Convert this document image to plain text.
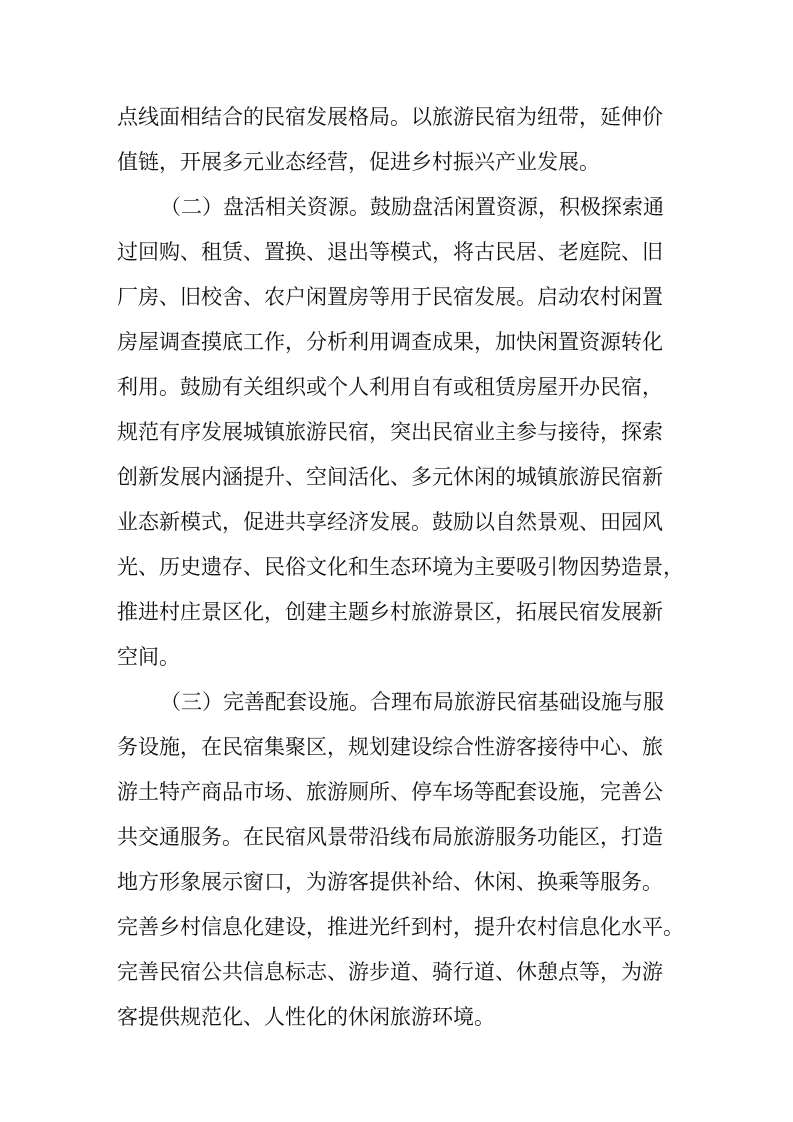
点线面相结合的民宿发展格局。以旅游民宿为纽带，延伸价
值链，开展多元业态经营，促进乡村振兴产业发展。
（二）盘活相关资源。鼓励盘活闲置资源，积极探索通
过回购、租赁、置换、退出等模式，将古民居、老庭院、旧
厂房、旧校舍、农户闲置房等用于民宿发展。启动农村闲置
房屋调查摸底工作，分析利用调查成果，加快闲置资源转化
利用。鼓励有关组织或个人利用自有或租赁房屋开办民宿，
规范有序发展城镇旅游民宿，突出民宿业主参与接待，探索
创新发展内涵提升、空间活化、多元休闲的城镇旅游民宿新
业态新模式，促进共享经济发展。鼓励以自然景观、田园风
光、历史遗存、民俗文化和生态环境为主要吸引物因势造景，
推进村庄景区化，创建主题乡村旅游景区，拓展民宿发展新
空间。
（三）完善配套设施。合理布局旅游民宿基础设施与服
务设施，在民宿集聚区，规划建设综合性游客接待中心、旅
游土特产商品市场、旅游厕所、停车场等配套设施，完善公
共交通服务。在民宿风景带沿线布局旅游服务功能区，打造
地方形象展示窗口，为游客提供补给、休闲、换乘等服务。
完善乡村信息化建设，推进光纤到村，提升农村信息化水平。
完善民宿公共信息标志、游步道、骑行道、休憩点等，为游
客提供规范化、人性化的休闲旅游环境。
